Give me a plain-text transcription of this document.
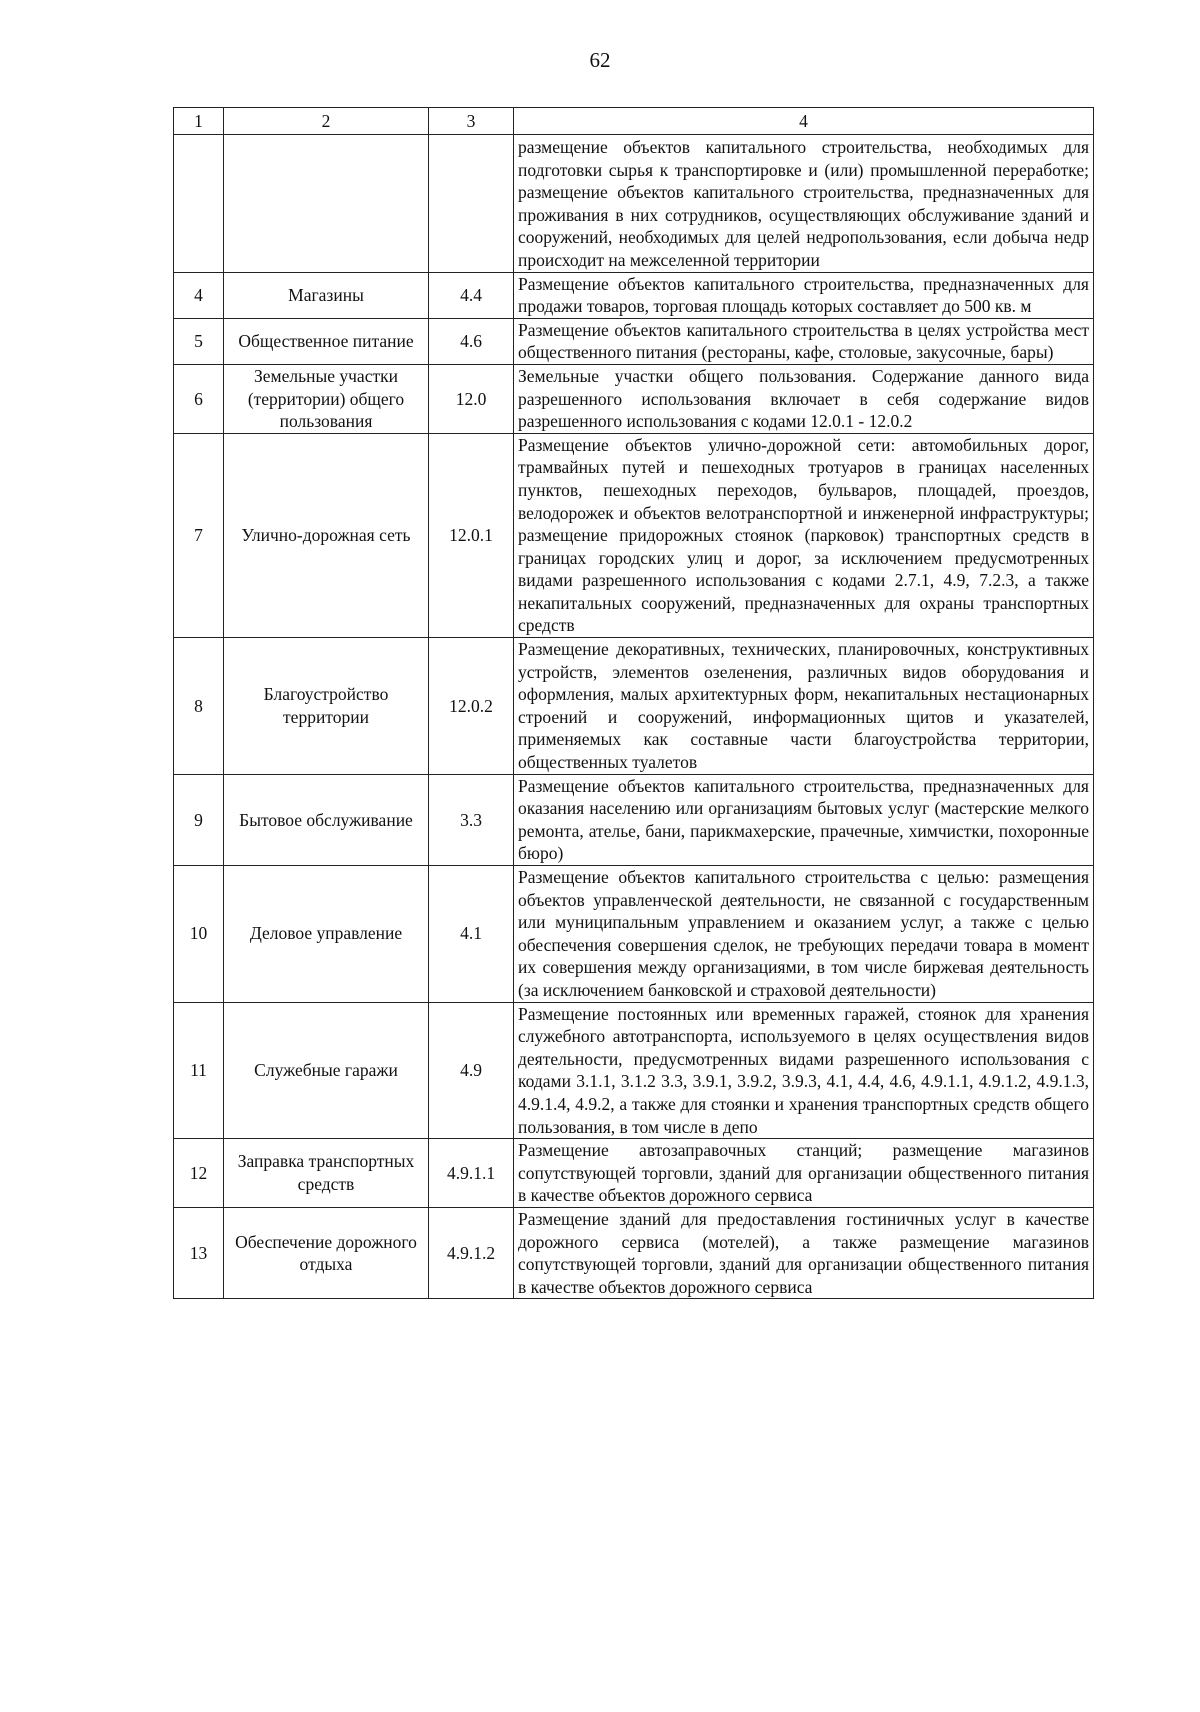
62
1	2	3	4
			размещение объектов капитального строительства, необходимых для подготовки сырья к транспортировке и (или) промышленной переработке; размещение объектов капитального строительства, предназначенных для проживания в них сотрудников, осуществляющих обслуживание зданий и сооружений, необходимых для целей недропользования, если добыча недр происходит на межселенной территории
4	Магазины	4.4	Размещение объектов капитального строительства, предназначенных для продажи товаров, торговая площадь которых составляет до 500 кв. м
5	Общественное питание	4.6	Размещение объектов капитального строительства в целях устройства мест общественного питания (рестораны, кафе, столовые, закусочные, бары)
6	Земельные участки (территории) общего пользования	12.0	Земельные участки общего пользования. Содержание данного вида разрешенного использования включает в себя содержание видов разрешенного использования с кодами 12.0.1 - 12.0.2
7	Улично-дорожная сеть	12.0.1	Размещение объектов улично-дорожной сети: автомобильных дорог, трамвайных путей и пешеходных тротуаров в границах населенных пунктов, пешеходных переходов, бульваров, площадей, проездов, велодорожек и объектов велотранспортной и инженерной инфраструктуры; размещение придорожных стоянок (парковок) транспортных средств в границах городских улиц и дорог, за исключением предусмотренных видами разрешенного использования с кодами 2.7.1, 4.9, 7.2.3, а также некапитальных сооружений, предназначенных для охраны транспортных средств
8	Благоустройство территории	12.0.2	Размещение декоративных, технических, планировочных, конструктивных устройств, элементов озеленения, различных видов оборудования и оформления, малых архитектурных форм, некапитальных нестационарных строений и сооружений, информационных щитов и указателей, применяемых как составные части благоустройства территории, общественных туалетов
9	Бытовое обслуживание	3.3	Размещение объектов капитального строительства, предназначенных для оказания населению или организациям бытовых услуг (мастерские мелкого ремонта, ателье, бани, парикмахерские, прачечные, химчистки, похоронные бюро)
10	Деловое управление	4.1	Размещение объектов капитального строительства с целью: размещения объектов управленческой деятельности, не связанной с государственным или муниципальным управлением и оказанием услуг, а также с целью обеспечения совершения сделок, не требующих передачи товара в момент их совершения между организациями, в том числе биржевая деятельность (за исключением банковской и страховой деятельности)
11	Служебные гаражи	4.9	Размещение постоянных или временных гаражей, стоянок для хранения служебного автотранспорта, используемого в целях осуществления видов деятельности, предусмотренных видами разрешенного использования с кодами 3.1.1, 3.1.2 3.3, 3.9.1, 3.9.2, 3.9.3, 4.1, 4.4, 4.6, 4.9.1.1, 4.9.1.2, 4.9.1.3, 4.9.1.4, 4.9.2, а также для стоянки и хранения транспортных средств общего пользования, в том числе в депо
12	Заправка транспортных средств	4.9.1.1	Размещение автозаправочных станций; размещение магазинов сопутствующей торговли, зданий для организации общественного питания в качестве объектов дорожного сервиса
13	Обеспечение дорожного отдыха	4.9.1.2	Размещение зданий для предоставления гостиничных услуг в качестве дорожного сервиса (мотелей), а также размещение магазинов сопутствующей торговли, зданий для организации общественного питания в качестве объектов дорожного сервиса
